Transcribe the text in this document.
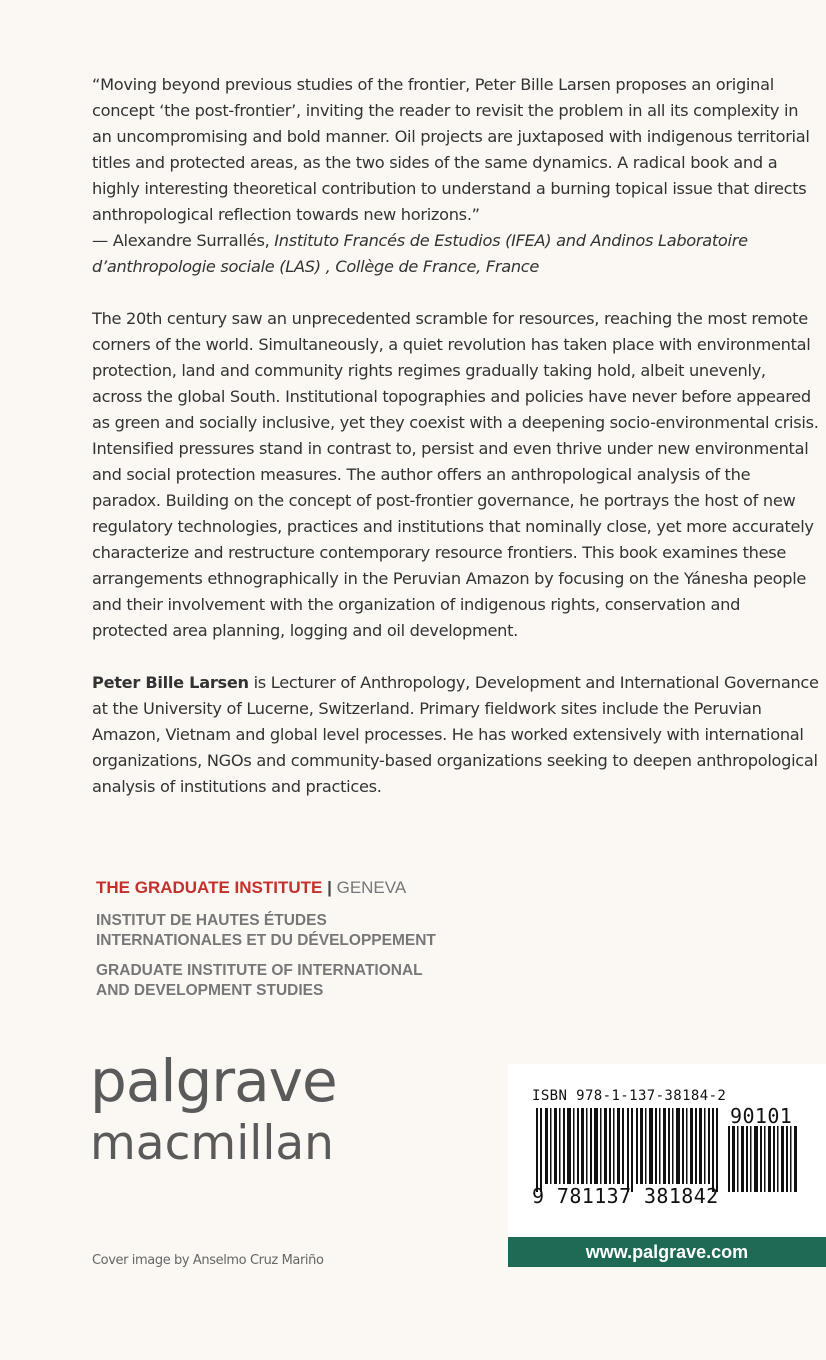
“Moving beyond previous studies of the frontier, Peter Bille Larsen proposes an original concept ‘the post-frontier’, inviting the reader to revisit the problem in all its complexity in an uncompromising and bold manner. Oil projects are juxtaposed with indigenous territorial titles and protected areas, as the two sides of the same dynamics. A radical book and a highly interesting theoretical contribution to understand a burning topical issue that directs anthropological reflection towards new horizons.”

— Alexandre Surrallés, Instituto Francés de Estudios (IFEA) and Andinos Laboratoire d’anthropologie sociale (LAS) , Collège de France, France

The 20th century saw an unprecedented scramble for resources, reaching the most remote corners of the world. Simultaneously, a quiet revolution has taken place with environmental protection, land and community rights regimes gradually taking hold, albeit unevenly, across the global South. Institutional topographies and policies have never before appeared as green and socially inclusive, yet they coexist with a deepening socio-environmental crisis. Intensified pressures stand in contrast to, persist and even thrive under new environmental and social protection measures. The author offers an anthropological analysis of the paradox. Building on the concept of post-frontier governance, he portrays the host of new regulatory technologies, practices and institutions that nominally close, yet more accurately characterize and restructure contemporary resource frontiers. This book examines these arrangements ethnographically in the Peruvian Amazon by focusing on the Yánesha people and their involvement with the organization of indigenous rights, conservation and protected area planning, logging and oil development.

Peter Bille Larsen is Lecturer of Anthropology, Development and International Governance at the University of Lucerne, Switzerland. Primary fieldwork sites include the Peruvian Amazon, Vietnam and global level processes. He has worked extensively with international organizations, NGOs and community-based organizations seeking to deepen anthropological analysis of institutions and practices.

THE GRADUATE INSTITUTE | GENEVA
INSTITUT DE HAUTES ÉTUDES
INTERNATIONALES ET DU DÉVELOPPEMENT
GRADUATE INSTITUTE OF INTERNATIONAL
AND DEVELOPMENT STUDIES
palgrave
macmillan
Cover image by Anselmo Cruz Mariño
ISBN 978-1-137-38184-2
90101
9 781137 381842
www.palgrave.com
